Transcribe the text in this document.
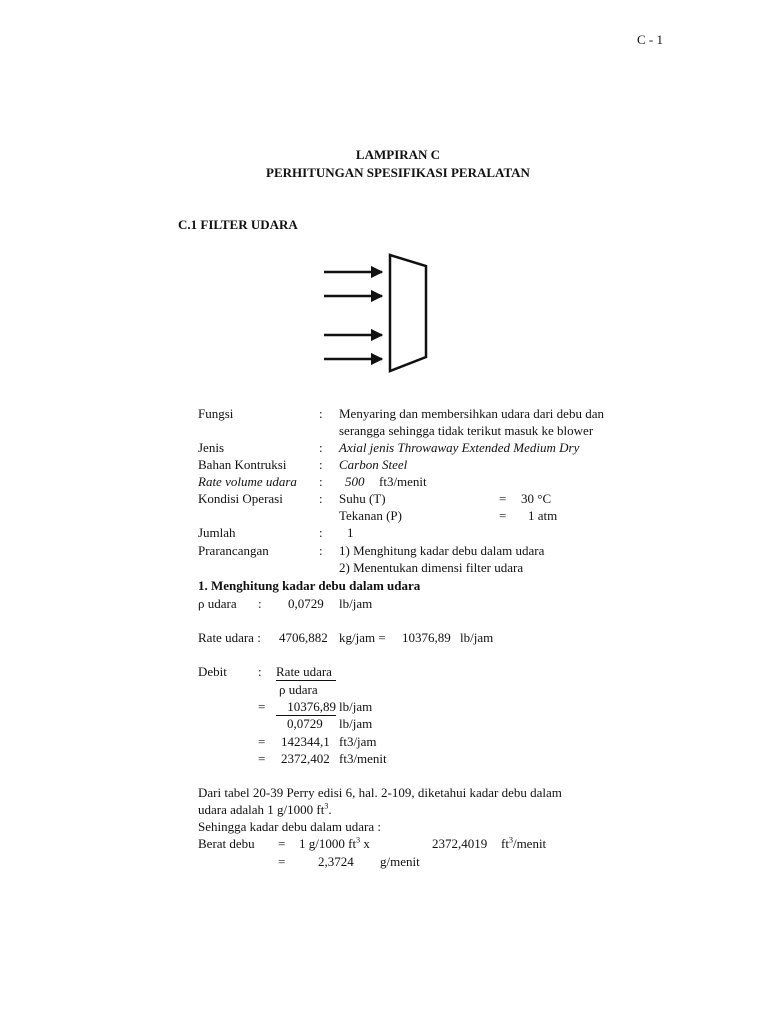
C - 1
LAMPIRAN C
PERHITUNGAN SPESIFIKASI PERALATAN
C.1 FILTER UDARA
Fungsi	: Menyaring dan membersihkan udara dari debu dan
serangga sehingga tidak terikut masuk ke blower
Jenis	: Axial jenis Throwaway Extended Medium Dry
Bahan Kontruksi	: Carbon Steel
Rate volume udara : 500 ft3/menit
Kondisi Operasi	: Suhu (T)	= 30 °C
Tekanan (P)	= 1 atm
Jumlah	: 1
Prarancangan	: 1) Menghitung kadar debu dalam udara
2) Menentukan dimensi filter udara
1. Menghitung kadar debu dalam udara
ρ udara : 0,0729 lb/jam
Rate udara : 4706,882 kg/jam = 10376,89 lb/jam
Debit : Rate udara
ρ udara
=	10376,89 lb/jam
0,0729 lb/jam
= 142344,1 ft3/jam
= 2372,402 ft3/menit
Dari tabel 20-39 Perry edisi 6, hal. 2-109, diketahui kadar debu dalam
udara adalah 1 g/1000 $ft^3$.
Sehingga kadar debu dalam udara :
Berat debu = 1 g/1000 $ft^3$ x	2372,4019 $ft^3$/menit
=	2,3724 g/menit
